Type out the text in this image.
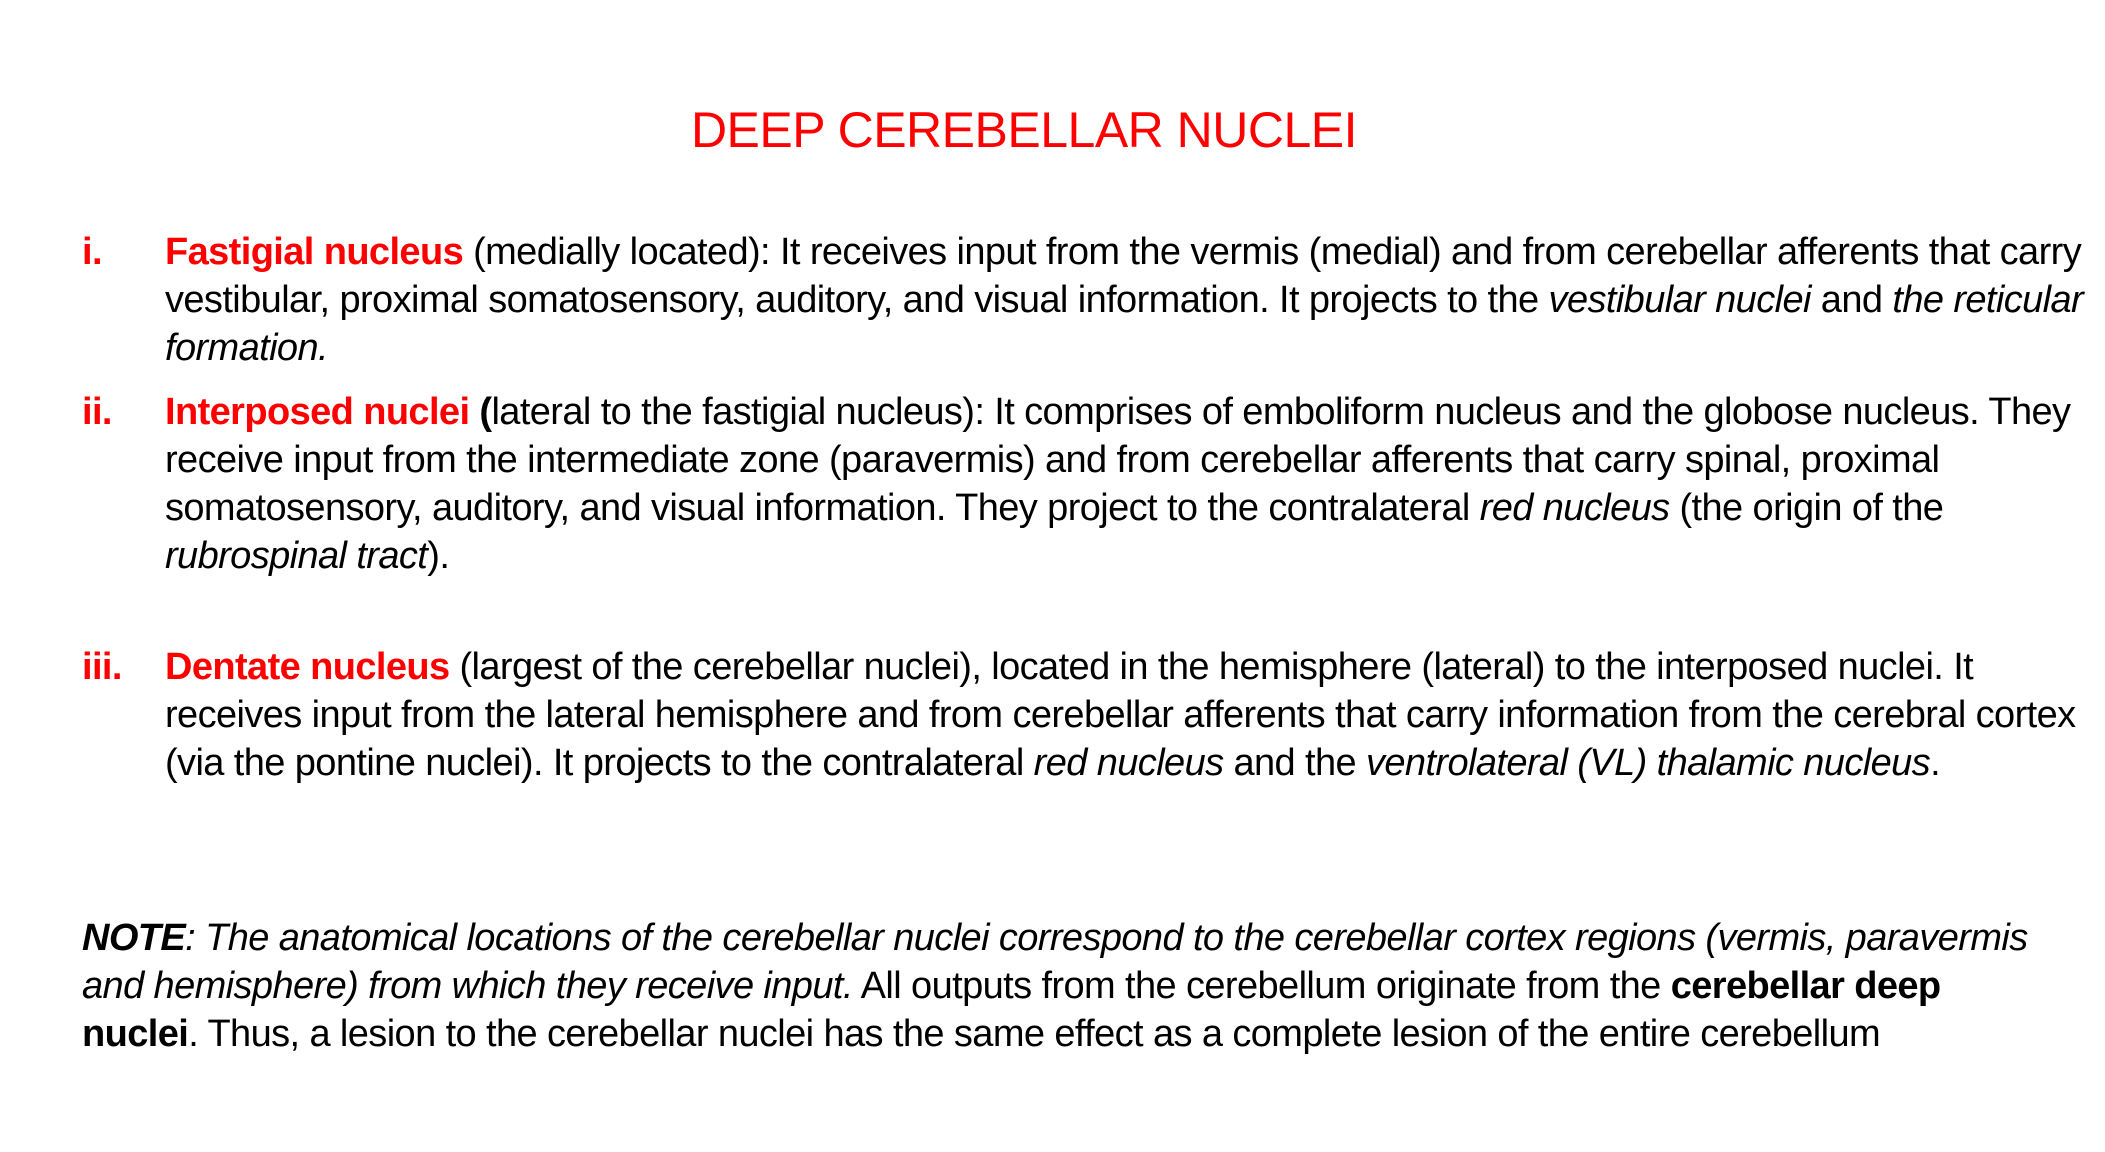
DEEP CEREBELLAR NUCLEI
i. Fastigial nucleus (medially located): It receives input from the vermis (medial) and from cerebellar afferents that carry vestibular, proximal somatosensory, auditory, and visual information. It projects to the vestibular nuclei and the reticular formation.
ii. Interposed nuclei (lateral to the fastigial nucleus): It comprises of emboliform nucleus and the globose nucleus. They receive input from the intermediate zone (paravermis) and from cerebellar afferents that carry spinal, proximal somatosensory, auditory, and visual information. They project to the contralateral red nucleus (the origin of the rubrospinal tract).
iii. Dentate nucleus (largest of the cerebellar nuclei), located in the hemisphere (lateral) to the interposed nuclei. It receives input from the lateral hemisphere and from cerebellar afferents that carry information from the cerebral cortex (via the pontine nuclei). It projects to the contralateral red nucleus and the ventrolateral (VL) thalamic nucleus.
NOTE: The anatomical locations of the cerebellar nuclei correspond to the cerebellar cortex regions (vermis, paravermis and hemisphere) from which they receive input. All outputs from the cerebellum originate from the cerebellar deep nuclei. Thus, a lesion to the cerebellar nuclei has the same effect as a complete lesion of the entire cerebellum
